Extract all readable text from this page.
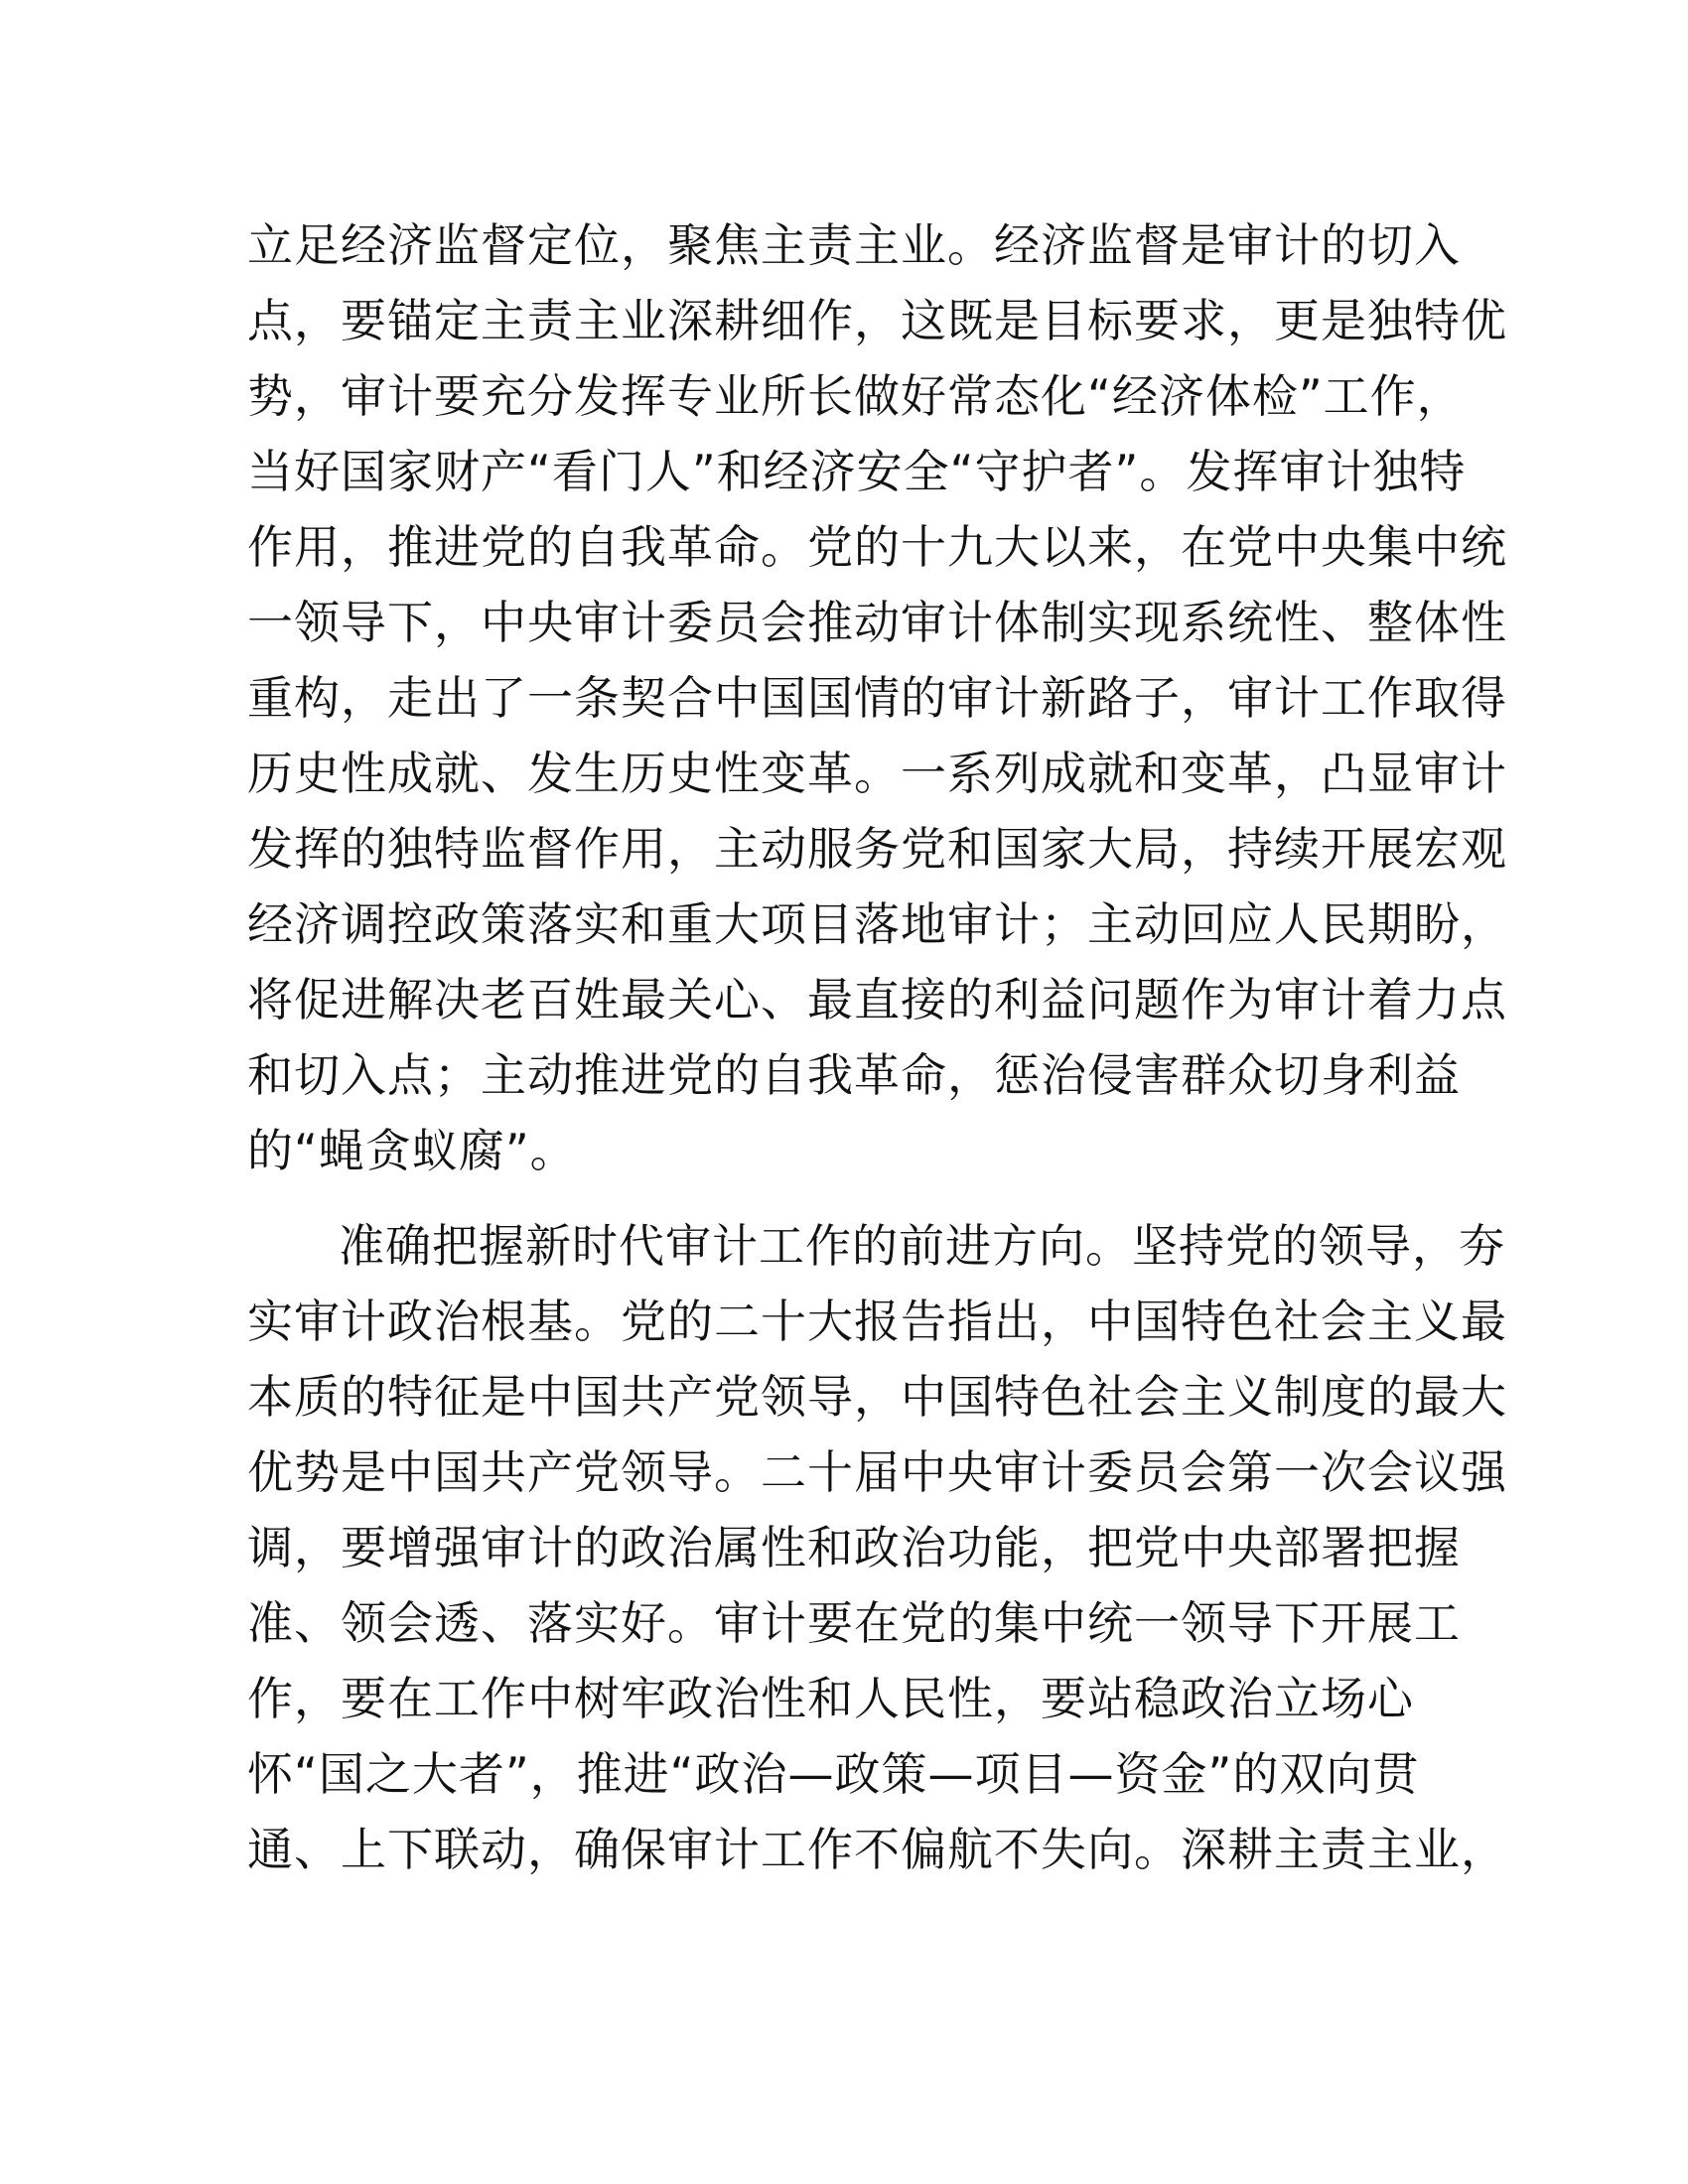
立足经济监督定位，聚焦主责主业。经济监督是审计的切入
点，要锚定主责主业深耕细作，这既是目标要求，更是独特优
势，审计要充分发挥专业所长做好常态化“经济体检”工作，
当好国家财产“看门人”和经济安全“守护者”。发挥审计独特
作用，推进党的自我革命。党的十九大以来，在党中央集中统
一领导下，中央审计委员会推动审计体制实现系统性、整体性
重构，走出了一条契合中国国情的审计新路子，审计工作取得
历史性成就、发生历史性变革。一系列成就和变革，凸显审计
发挥的独特监督作用，主动服务党和国家大局，持续开展宏观
经济调控政策落实和重大项目落地审计；主动回应人民期盼，
将促进解决老百姓最关心、最直接的利益问题作为审计着力点
和切入点；主动推进党的自我革命，惩治侵害群众切身利益
的“蝇贪蚁腐”。

准确把握新时代审计工作的前进方向。坚持党的领导，夯
实审计政治根基。党的二十大报告指出，中国特色社会主义最
本质的特征是中国共产党领导，中国特色社会主义制度的最大
优势是中国共产党领导。二十届中央审计委员会第一次会议强
调，要增强审计的政治属性和政治功能，把党中央部署把握
准、领会透、落实好。审计要在党的集中统一领导下开展工
作，要在工作中树牢政治性和人民性，要站稳政治立场心
怀“国之大者”，推进“政治—政策—项目—资金”的双向贯
通、上下联动，确保审计工作不偏航不失向。深耕主责主业，
